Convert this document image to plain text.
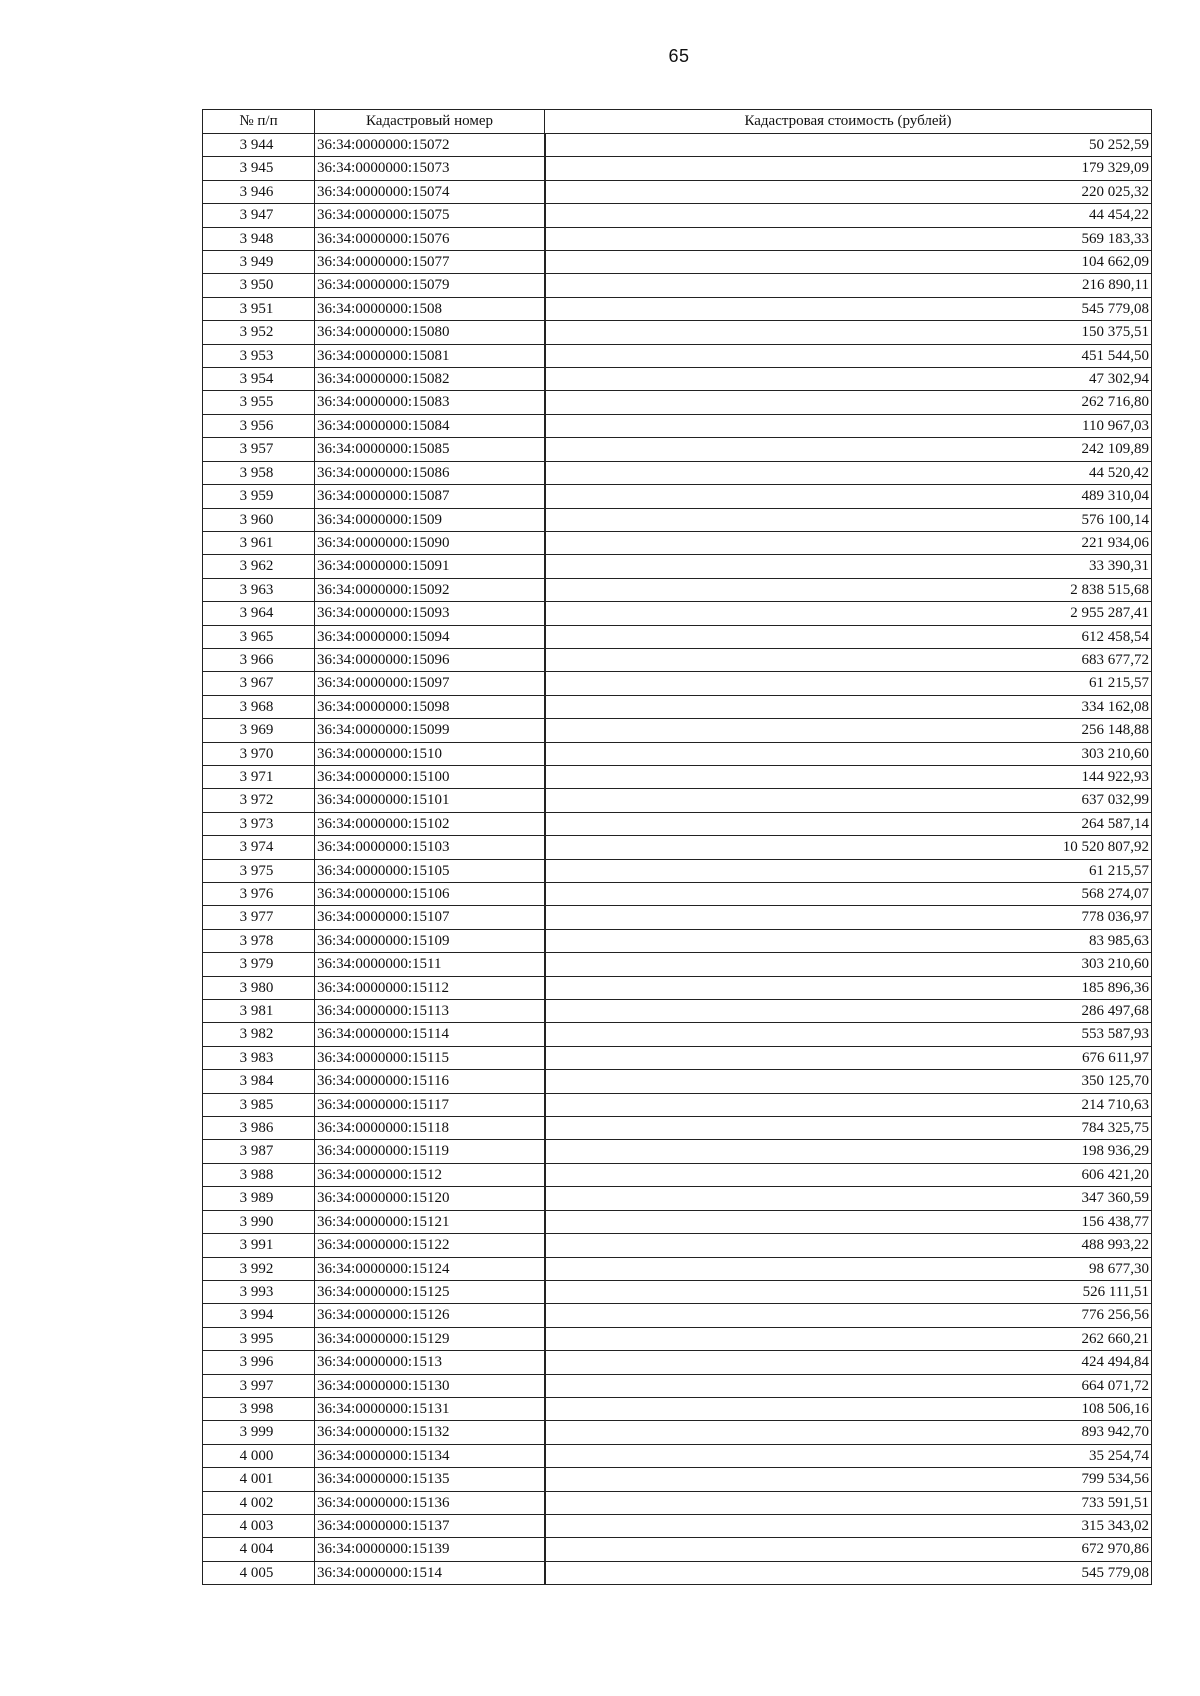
65
№ п/п	Кадастровый номер	Кадастровая стоимость (рублей)
3 944	36:34:0000000:15072	50 252,59
3 945	36:34:0000000:15073	179 329,09
3 946	36:34:0000000:15074	220 025,32
3 947	36:34:0000000:15075	44 454,22
3 948	36:34:0000000:15076	569 183,33
3 949	36:34:0000000:15077	104 662,09
3 950	36:34:0000000:15079	216 890,11
3 951	36:34:0000000:1508	545 779,08
3 952	36:34:0000000:15080	150 375,51
3 953	36:34:0000000:15081	451 544,50
3 954	36:34:0000000:15082	47 302,94
3 955	36:34:0000000:15083	262 716,80
3 956	36:34:0000000:15084	110 967,03
3 957	36:34:0000000:15085	242 109,89
3 958	36:34:0000000:15086	44 520,42
3 959	36:34:0000000:15087	489 310,04
3 960	36:34:0000000:1509	576 100,14
3 961	36:34:0000000:15090	221 934,06
3 962	36:34:0000000:15091	33 390,31
3 963	36:34:0000000:15092	2 838 515,68
3 964	36:34:0000000:15093	2 955 287,41
3 965	36:34:0000000:15094	612 458,54
3 966	36:34:0000000:15096	683 677,72
3 967	36:34:0000000:15097	61 215,57
3 968	36:34:0000000:15098	334 162,08
3 969	36:34:0000000:15099	256 148,88
3 970	36:34:0000000:1510	303 210,60
3 971	36:34:0000000:15100	144 922,93
3 972	36:34:0000000:15101	637 032,99
3 973	36:34:0000000:15102	264 587,14
3 974	36:34:0000000:15103	10 520 807,92
3 975	36:34:0000000:15105	61 215,57
3 976	36:34:0000000:15106	568 274,07
3 977	36:34:0000000:15107	778 036,97
3 978	36:34:0000000:15109	83 985,63
3 979	36:34:0000000:1511	303 210,60
3 980	36:34:0000000:15112	185 896,36
3 981	36:34:0000000:15113	286 497,68
3 982	36:34:0000000:15114	553 587,93
3 983	36:34:0000000:15115	676 611,97
3 984	36:34:0000000:15116	350 125,70
3 985	36:34:0000000:15117	214 710,63
3 986	36:34:0000000:15118	784 325,75
3 987	36:34:0000000:15119	198 936,29
3 988	36:34:0000000:1512	606 421,20
3 989	36:34:0000000:15120	347 360,59
3 990	36:34:0000000:15121	156 438,77
3 991	36:34:0000000:15122	488 993,22
3 992	36:34:0000000:15124	98 677,30
3 993	36:34:0000000:15125	526 111,51
3 994	36:34:0000000:15126	776 256,56
3 995	36:34:0000000:15129	262 660,21
3 996	36:34:0000000:1513	424 494,84
3 997	36:34:0000000:15130	664 071,72
3 998	36:34:0000000:15131	108 506,16
3 999	36:34:0000000:15132	893 942,70
4 000	36:34:0000000:15134	35 254,74
4 001	36:34:0000000:15135	799 534,56
4 002	36:34:0000000:15136	733 591,51
4 003	36:34:0000000:15137	315 343,02
4 004	36:34:0000000:15139	672 970,86
4 005	36:34:0000000:1514	545 779,08
